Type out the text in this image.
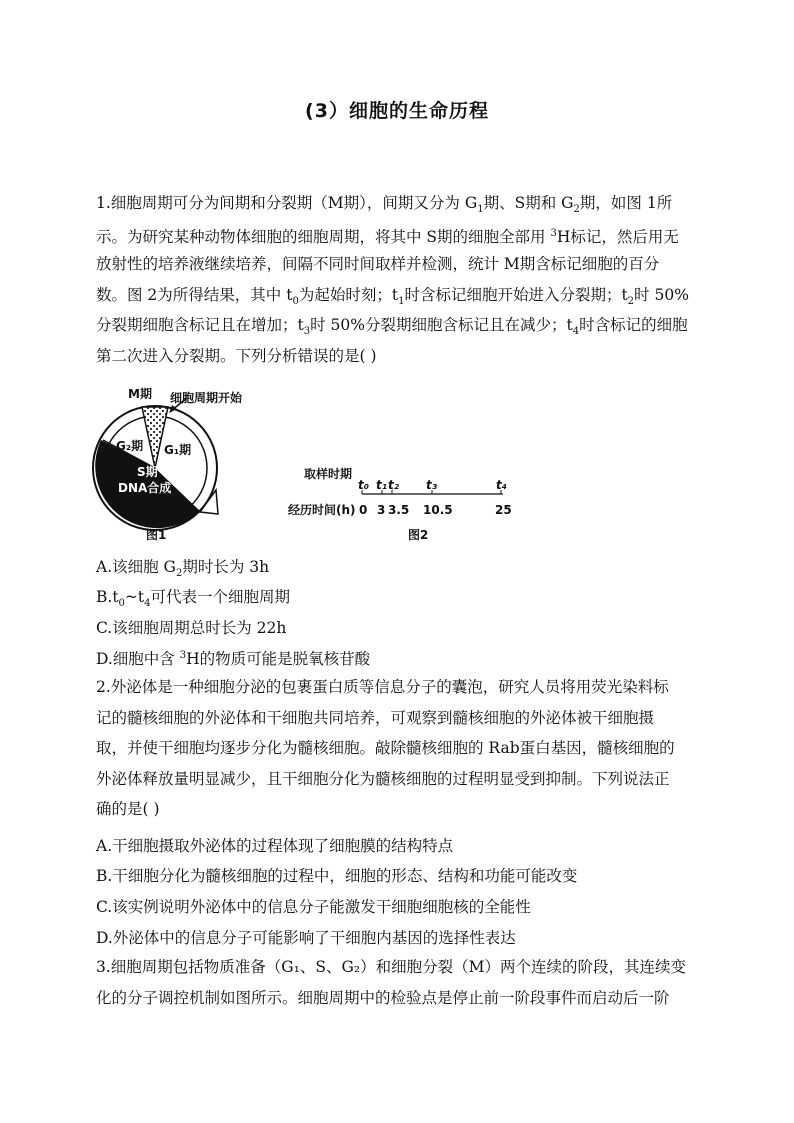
(3）细胞的生命历程
1.细胞周期可分为间期和分裂期（M期），间期又分为 $G_1$期、S期和 $G_2$期，如图 1所
示。为研究某种动物体细胞的细胞周期，将其中 S期的细胞全部用 $^3$H标记，然后用无
放射性的培养液继续培养，间隔不同时间取样并检测，统计 M期含标记细胞的百分
数。图 2为所得结果，其中 $t_0$为起始时刻；$t_1$时含标记细胞开始进入分裂期；$t_2$时 50%
分裂期细胞含标记且在增加；$t_3$时 50%分裂期细胞含标记且在减少；$t_4$时含标记的细胞
第二次进入分裂期。下列分析错误的是( )
M期 细胞周期开始
G₂期 G₁期
S期
DNA合成
图1
取样时期
经历时间(h)
t₀ t₁ t₂ t₃	t₄
0 3 3.5 10.5	25
图2
A.该细胞 $G_2$期时长为 3h
$B.t_0\sim t_4$可代表一个细胞周期
C.该细胞周期总时长为 22h
D.细胞中含 $^3$H的物质可能是脱氧核苷酸
2.外泌体是一种细胞分泌的包裹蛋白质等信息分子的囊泡，研究人员将用荧光染料标
记的髓核细胞的外泌体和干细胞共同培养，可观察到髓核细胞的外泌体被干细胞摄
取，并使干细胞均逐步分化为髓核细胞。敲除髓核细胞的 Rab蛋白基因，髓核细胞的
外泌体释放量明显减少，且干细胞分化为髓核细胞的过程明显受到抑制。下列说法正
确的是( )
A.干细胞摄取外泌体的过程体现了细胞膜的结构特点
B.干细胞分化为髓核细胞的过程中，细胞的形态、结构和功能可能改变
C.该实例说明外泌体中的信息分子能激发干细胞细胞核的全能性
D.外泌体中的信息分子可能影响了干细胞内基因的选择性表达
3.细胞周期包括物质准备（G₁、S、G₂）和细胞分裂（M）两个连续的阶段，其连续变
化的分子调控机制如图所示。细胞周期中的检验点是停止前一阶段事件而启动后一阶
